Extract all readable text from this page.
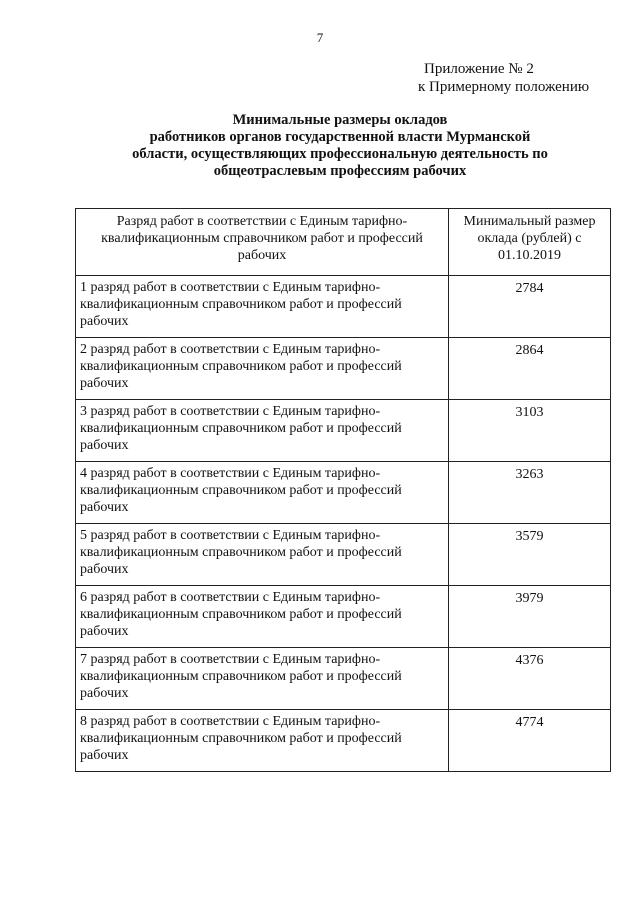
7
Приложение № 2
к Примерному положению
Минимальные размеры окладов
работников органов государственной власти Мурманской
области, осуществляющих профессиональную деятельность по
общеотраслевым профессиям рабочих
Разряд работ в соответствии с Единым тарифно-
квалификационным справочником работ и профессий
рабочих	Минимальный размер
оклада (рублей) с
01.10.2019

1 разряд работ в соответствии с Единым тарифно-
квалификационным справочником работ и профессий
рабочих	2784

2 разряд работ в соответствии с Единым тарифно-
квалификационным справочником работ и профессий
рабочих	2864

3 разряд работ в соответствии с Единым тарифно-
квалификационным справочником работ и профессий
рабочих	3103

4 разряд работ в соответствии с Единым тарифно-
квалификационным справочником работ и профессий
рабочих	3263

5 разряд работ в соответствии с Единым тарифно-
квалификационным справочником работ и профессий
рабочих	3579

6 разряд работ в соответствии с Единым тарифно-
квалификационным справочником работ и профессий
рабочих	3979

7 разряд работ в соответствии с Единым тарифно-
квалификационным справочником работ и профессий
рабочих	4376

8 разряд работ в соответствии с Единым тарифно-
квалификационным справочником работ и профессий
рабочих	4774
